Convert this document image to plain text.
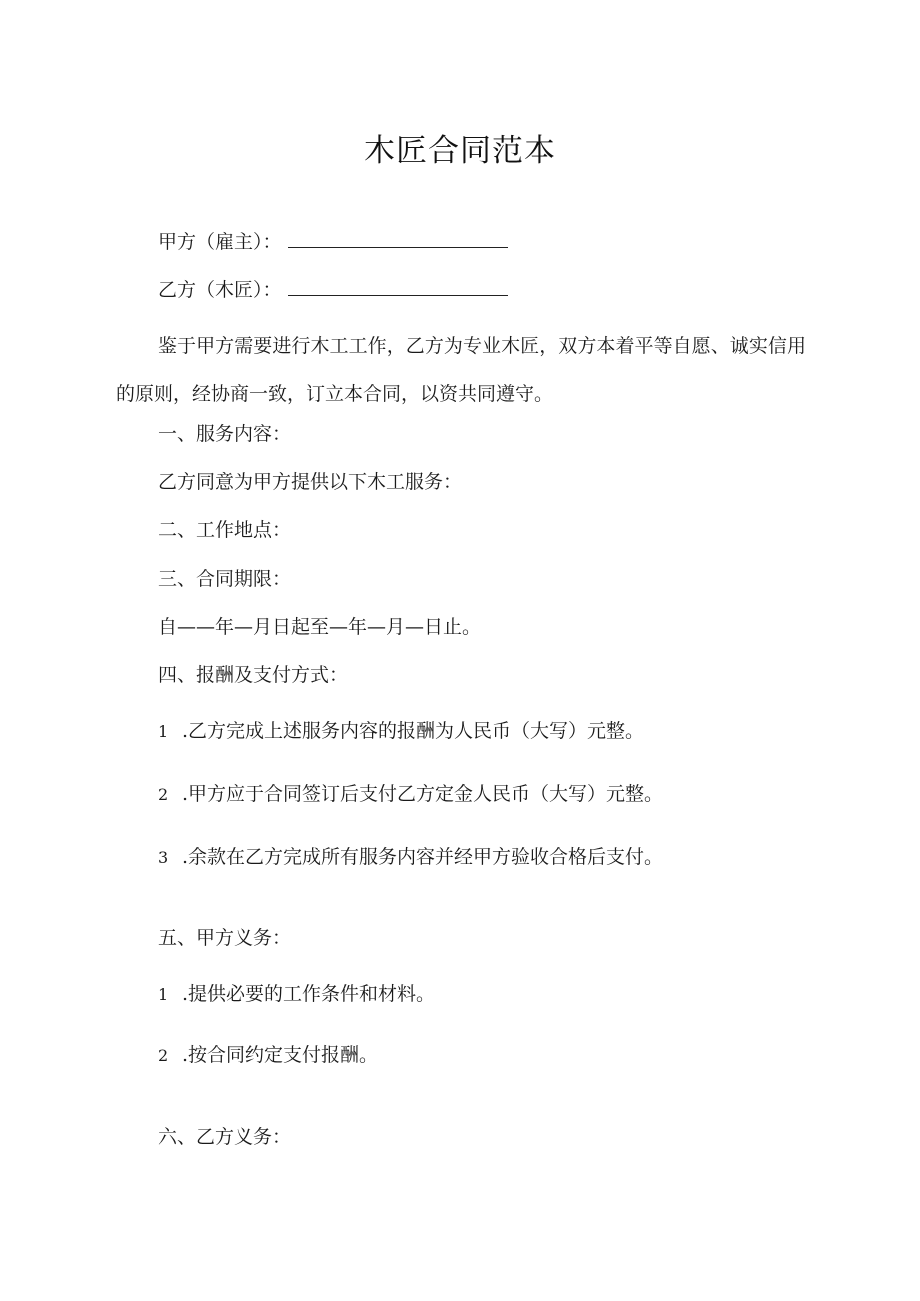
木匠合同范本
甲方（雇主）：
乙方（木匠）：
鉴于甲方需要进行木工工作，乙方为专业木匠，双方本着平等自愿、诚实信用的原则，经协商一致，订立本合同，以资共同遵守。
一、服务内容：
乙方同意为甲方提供以下木工服务：
二、工作地点：
三、合同期限：
自——年—月日起至—年—月—日止。
四、报酬及支付方式：
1 .乙方完成上述服务内容的报酬为人民币（大写）元整。
2 .甲方应于合同签订后支付乙方定金人民币（大写）元整。
3 .余款在乙方完成所有服务内容并经甲方验收合格后支付。
五、甲方义务：
1 .提供必要的工作条件和材料。
2 .按合同约定支付报酬。
六、乙方义务：
